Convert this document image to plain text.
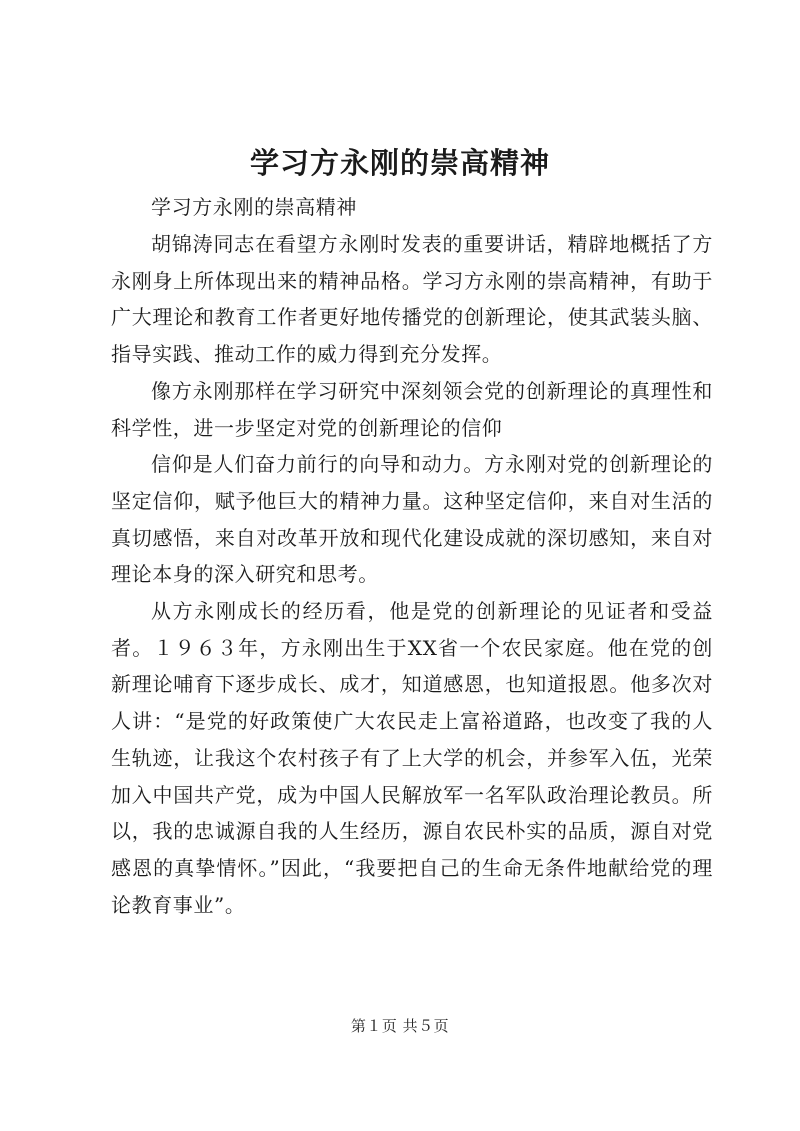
学习方永刚的崇高精神

学习方永刚的崇高精神

胡锦涛同志在看望方永刚时发表的重要讲话，精辟地概括了方永刚身上所体现出来的精神品格。学习方永刚的崇高精神，有助于广大理论和教育工作者更好地传播党的创新理论，使其武装头脑、指导实践、推动工作的威力得到充分发挥。

像方永刚那样在学习研究中深刻领会党的创新理论的真理性和科学性，进一步坚定对党的创新理论的信仰

信仰是人们奋力前行的向导和动力。方永刚对党的创新理论的坚定信仰，赋予他巨大的精神力量。这种坚定信仰，来自对生活的真切感悟，来自对改革开放和现代化建设成就的深切感知，来自对理论本身的深入研究和思考。

从方永刚成长的经历看，他是党的创新理论的见证者和受益者。１９６３年，方永刚出生于XX省一个农民家庭。他在党的创新理论哺育下逐步成长、成才，知道感恩，也知道报恩。他多次对人讲：“是党的好政策使广大农民走上富裕道路，也改变了我的人生轨迹，让我这个农村孩子有了上大学的机会，并参军入伍，光荣加入中国共产党，成为中国人民解放军一名军队政治理论教员。所以，我的忠诚源自我的人生经历，源自农民朴实的品质，源自对党感恩的真挚情怀。”因此，“我要把自己的生命无条件地献给党的理论教育事业”。

第１页 共５页
